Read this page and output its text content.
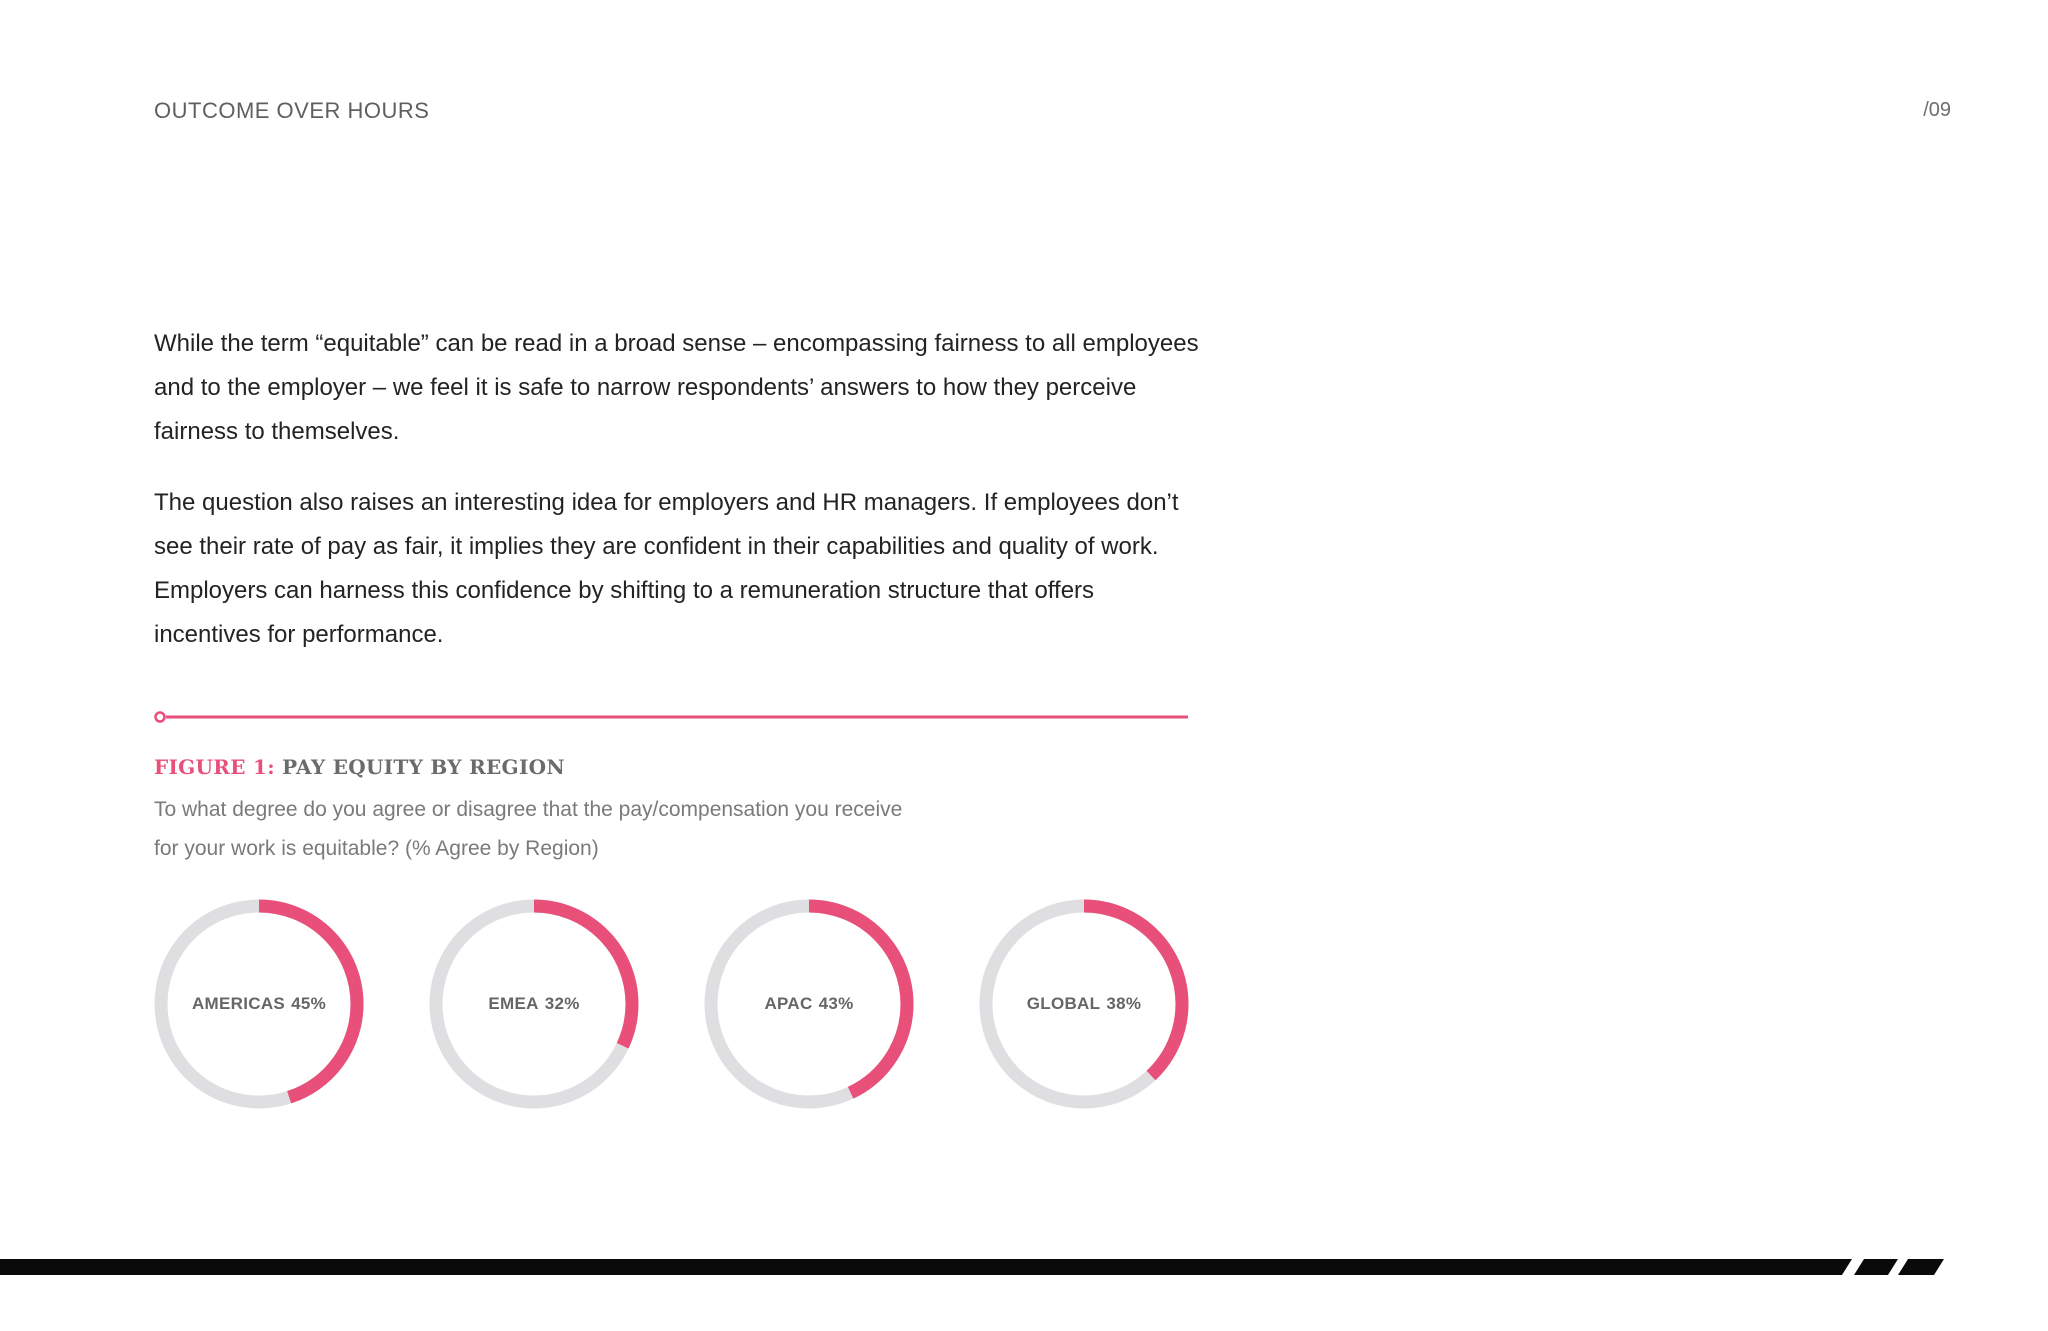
OUTCOME OVER HOURS	/09

While the term “equitable” can be read in a broad sense – encompassing fairness to all employees and to the employer – we feel it is safe to narrow respondents’ answers to how they perceive fairness to themselves.

The question also raises an interesting idea for employers and HR managers. If employees don’t see their rate of pay as fair, it implies they are confident in their capabilities and quality of work. Employers can harness this confidence by shifting to a remuneration structure that offers incentives for performance.

FIGURE 1: PAY EQUITY BY REGION
To what degree do you agree or disagree that the pay/compensation you receive for your work is equitable? (% Agree by Region)
AMERICAS 45%	EMEA 32%	APAC 43%	GLOBAL 38%
